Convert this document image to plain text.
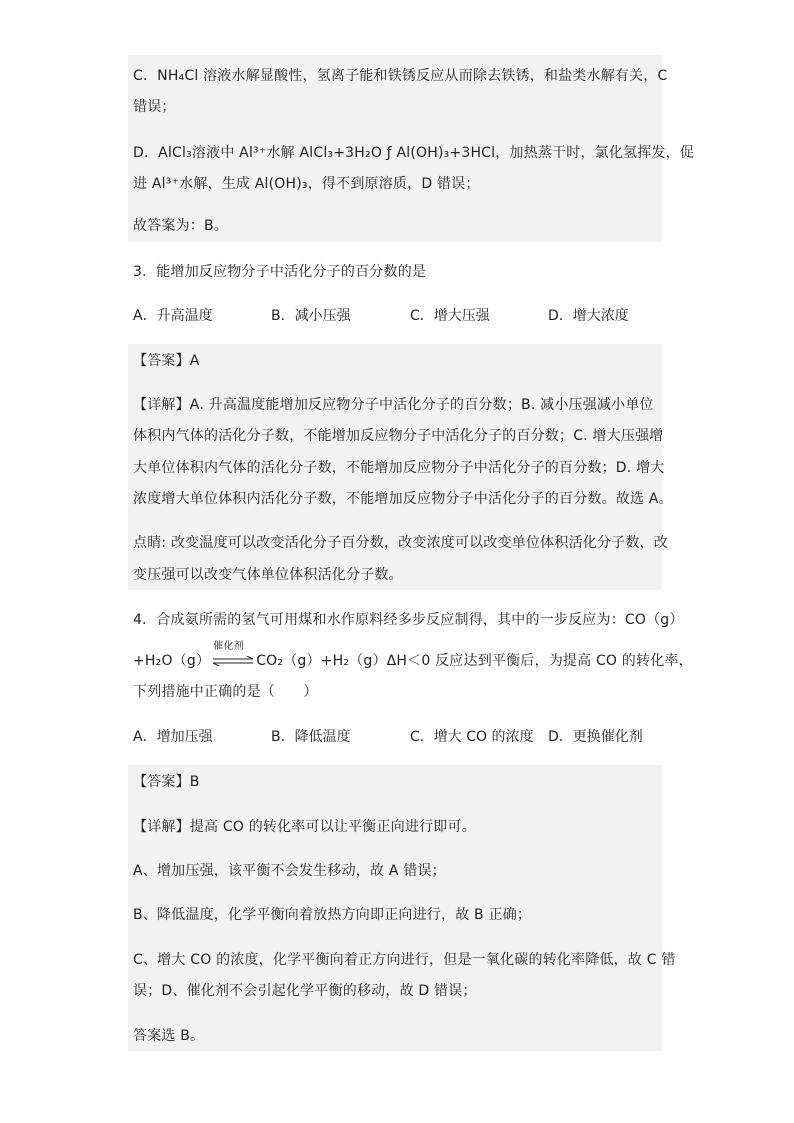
C．NH₄Cl 溶液水解显酸性，氢离子能和铁锈反应从而除去铁锈，和盐类水解有关，C
错误；
D．AlCl₃溶液中 Al³⁺水解 AlCl₃+3H₂O ƒ Al(OH)₃+3HCl，加热蒸干时，氯化氢挥发，促
进 Al³⁺水解，生成 Al(OH)₃，得不到原溶质，D 错误；
故答案为：B。
3．能增加反应物分子中活化分子的百分数的是
A．升高温度	B．减小压强	C．增大压强	D．增大浓度
【答案】A
【详解】A. 升高温度能增加反应物分子中活化分子的百分数；B. 减小压强减小单位
体积内气体的活化分子数，不能增加反应物分子中活化分子的百分数；C. 增大压强增
大单位体积内气体的活化分子数，不能增加反应物分子中活化分子的百分数；D. 增大
浓度增大单位体积内活化分子数，不能增加反应物分子中活化分子的百分数。故选 A。
点睛: 改变温度可以改变活化分子百分数，改变浓度可以改变单位体积活化分子数，改
变压强可以改变气体单位体积活化分子数。
4．合成氨所需的氢气可用煤和水作原料经多步反应制得，其中的一步反应为：CO（g）
+H₂O（g）
催化剂
CO₂（g）+H₂（g）ΔH＜0 反应达到平衡后，为提高 CO 的转化率，
下列措施中正确的是（　　）
A．增加压强	B．降低温度	C．增大 CO 的浓度 D．更换催化剂
【答案】B
【详解】提高 CO 的转化率可以让平衡正向进行即可。
A、增加压强，该平衡不会发生移动，故 A 错误；
B、降低温度，化学平衡向着放热方向即正向进行，故 B 正确；
C、增大 CO 的浓度，化学平衡向着正方向进行，但是一氧化碳的转化率降低，故 C 错
误；D、催化剂不会引起化学平衡的移动，故 D 错误；
答案选 B。
